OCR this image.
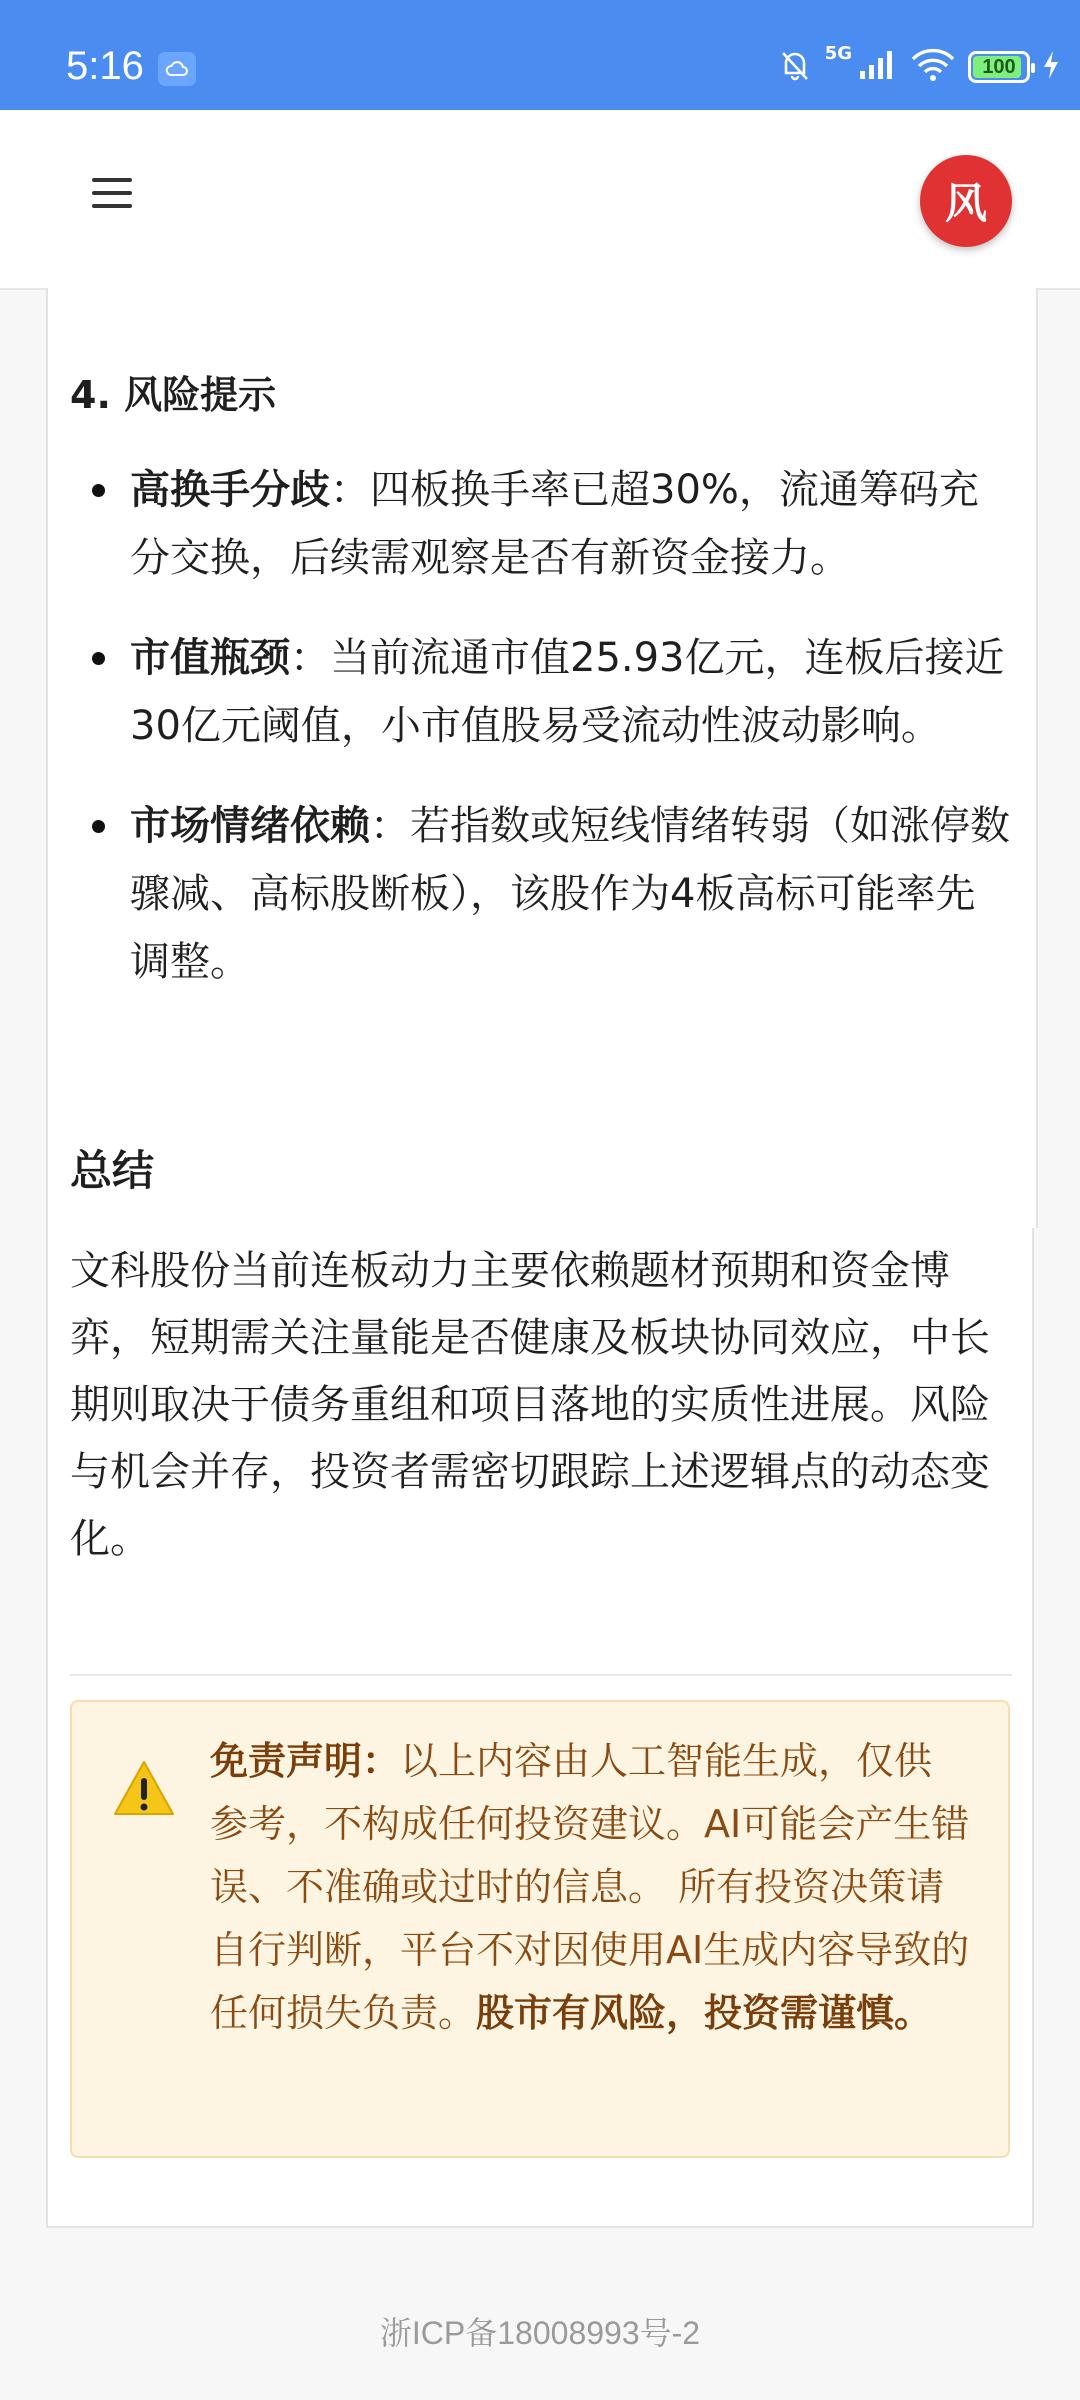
5:16	5G
100
风
4. 风险提示
高换手分歧：四板换手率已超30%，流通筹码充分交换，后续需观察是否有新资金接力。
市值瓶颈：当前流通市值25.93亿元，连板后接近30亿元阈值，小市值股易受流动性波动影响。
市场情绪依赖：若指数或短线情绪转弱（如涨停数骤减、高标股断板），该股作为4板高标可能率先调整。
总结
文科股份当前连板动力主要依赖题材预期和资金博弈，短期需关注量能是否健康及板块协同效应，中长期则取决于债务重组和项目落地的实质性进展。风险与机会并存，投资者需密切跟踪上述逻辑点的动态变化。
免责声明：以上内容由人工智能生成，仅供参考，不构成任何投资建议。AI可能会产生错误、不准确或过时的信息。 所有投资决策请自行判断，平台不对因使用AI生成内容导致的任何损失负责。股市有风险，投资需谨慎。
浙ICP备18008993号-2
